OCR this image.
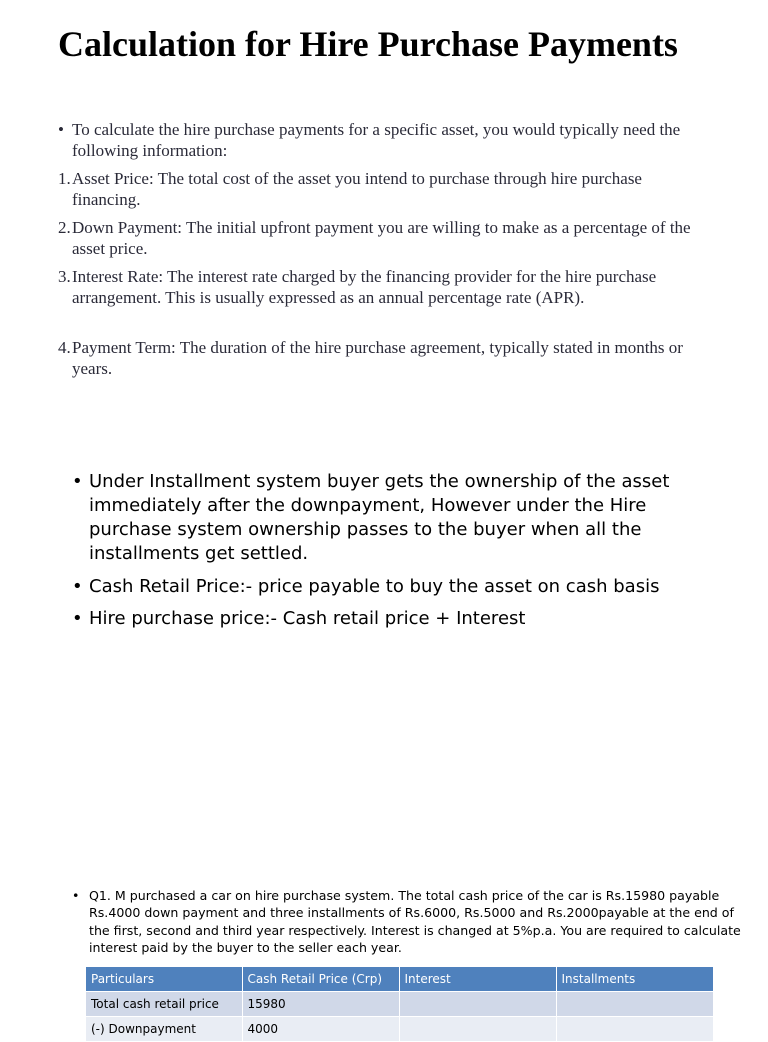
Calculation for Hire Purchase Payments
• To calculate the hire purchase payments for a specific asset, you would typically need the following information:
1. Asset Price: The total cost of the asset you intend to purchase through hire purchase financing.
2. Down Payment: The initial upfront payment you are willing to make as a percentage of the asset price.
3. Interest Rate: The interest rate charged by the financing provider for the hire purchase arrangement. This is usually expressed as an annual percentage rate (APR).
4. Payment Term: The duration of the hire purchase agreement, typically stated in months or years.
• Under Installment system buyer gets the ownership of the asset immediately after the downpayment, However under the Hire purchase system ownership passes to the buyer when all the installments get settled.
• Cash Retail Price:- price payable to buy the asset on cash basis
• Hire purchase price:- Cash retail price + Interest
• Q1. M purchased a car on hire purchase system. The total cash price of the car is Rs.15980 payable Rs.4000 down payment and three installments of Rs.6000, Rs.5000 and Rs.2000payable at the end of the first, second and third year respectively. Interest is changed at 5%p.a. You are required to calculate interest paid by the buyer to the seller each year.
Particulars	Cash Retail Price (Crp)	Interest	Installments
Total cash retail price	15980		
(-) Downpayment	4000		
